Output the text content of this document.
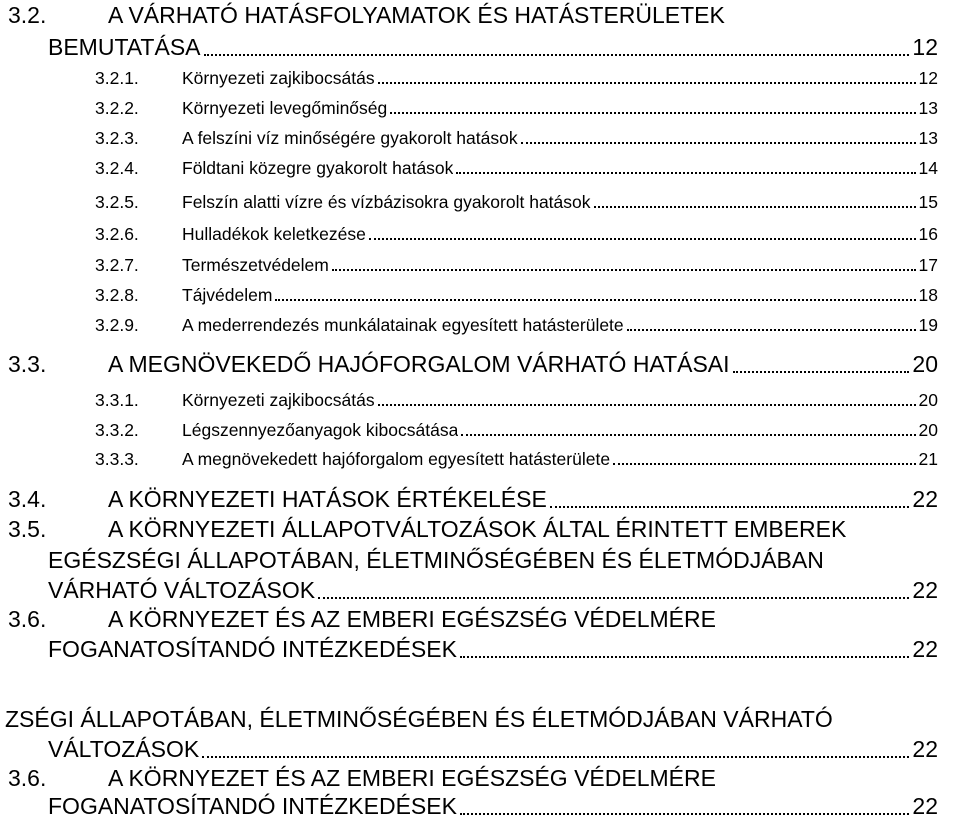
3.2.	A VÁRHATÓ HATÁSFOLYAMATOK ÉS HATÁSTERÜLETEK
BEMUTATÁSA	12
3.2.1.	Környezeti zajkibocsátás	12
3.2.2.	Környezeti levegőminőség	13
3.2.3.	A felszíni víz minőségére gyakorolt hatások	13
3.2.4.	Földtani közegre gyakorolt hatások	14
3.2.5.	Felszín alatti vízre és vízbázisokra gyakorolt hatások	15
3.2.6.	Hulladékok keletkezése	16
3.2.7.	Természetvédelem	17
3.2.8.	Tájvédelem	18
3.2.9.	A mederrendezés munkálatainak egyesített hatásterülete	19
3.3.	A MEGNÖVEKEDŐ HAJÓFORGALOM VÁRHATÓ HATÁSAI	20
3.3.1.	Környezeti zajkibocsátás	20
3.3.2.	Légszennyezőanyagok kibocsátása	20
3.3.3.	A megnövekedett hajóforgalom egyesített hatásterülete	21
3.4.	A KÖRNYEZETI HATÁSOK ÉRTÉKELÉSE	22
3.5.	A KÖRNYEZETI ÁLLAPOTVÁLTOZÁSOK ÁLTAL ÉRINTETT EMBEREK
EGÉSZSÉGI ÁLLAPOTÁBAN, ÉLETMINŐSÉGÉBEN ÉS ÉLETMÓDJÁBAN
VÁRHATÓ VÁLTOZÁSOK	22
3.6.	A KÖRNYEZET ÉS AZ EMBERI EGÉSZSÉG VÉDELMÉRE
FOGANATOSÍTANDÓ INTÉZKEDÉSEK	22
ZSÉGI ÁLLAPOTÁBAN, ÉLETMINŐSÉGÉBEN ÉS ÉLETMÓDJÁBAN VÁRHATÓ
VÁLTOZÁSOK	22
3.6.	A KÖRNYEZET ÉS AZ EMBERI EGÉSZSÉG VÉDELMÉRE
FOGANATOSÍTANDÓ INTÉZKEDÉSEK	22
